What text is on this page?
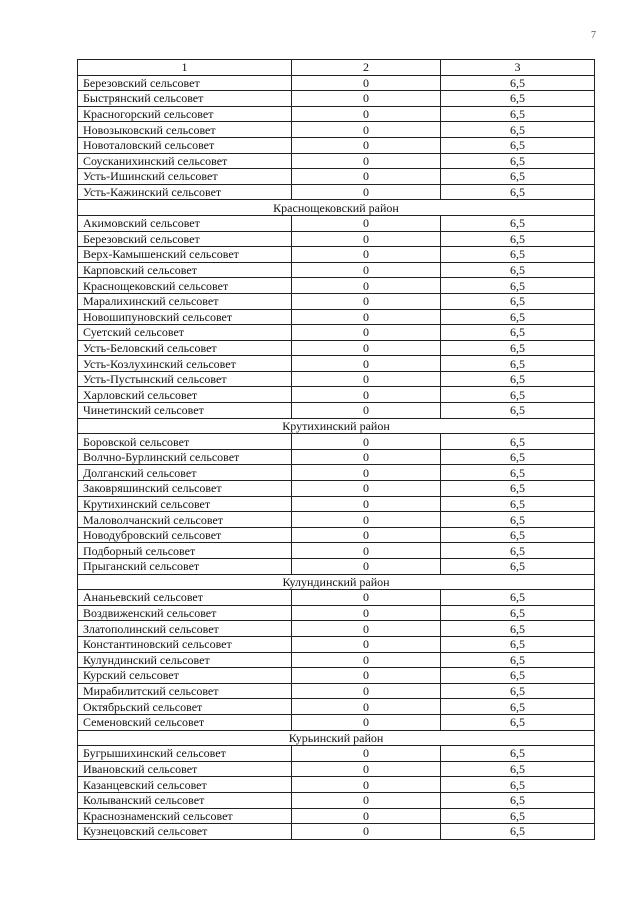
7
1	2	3
Березовский сельсовет	0	6,5
Быстрянский сельсовет	0	6,5
Красногорский сельсовет	0	6,5
Новозыковский сельсовет	0	6,5
Новоталовский сельсовет	0	6,5
Соусканихинский сельсовет	0	6,5
Усть-Ишинский сельсовет	0	6,5
Усть-Кажинский сельсовет	0	6,5
Краснощековский район		
Акимовский сельсовет	0	6,5
Березовский сельсовет	0	6,5
Верх-Камышенский сельсовет	0	6,5
Карповский сельсовет	0	6,5
Краснощековский сельсовет	0	6,5
Маралихинский сельсовет	0	6,5
Новошипуновский сельсовет	0	6,5
Суетский сельсовет	0	6,5
Усть-Беловский сельсовет	0	6,5
Усть-Козлухинский сельсовет	0	6,5
Усть-Пустынский сельсовет	0	6,5
Харловский сельсовет	0	6,5
Чинетинский сельсовет	0	6,5
Крутихинский район		
Боровской сельсовет	0	6,5
Волчно-Бурлинский сельсовет	0	6,5
Долганский сельсовет	0	6,5
Заковряшинский сельсовет	0	6,5
Крутихинский сельсовет	0	6,5
Маловолчанский сельсовет	0	6,5
Новодубровский сельсовет	0	6,5
Подборный сельсовет	0	6,5
Прыганский сельсовет	0	6,5
Кулундинский район		
Ананьевский сельсовет	0	6,5
Воздвиженский сельсовет	0	6,5
Златополинский сельсовет	0	6,5
Константиновский сельсовет	0	6,5
Кулундинский сельсовет	0	6,5
Курский сельсовет	0	6,5
Мирабилитский сельсовет	0	6,5
Октябрьский сельсовет	0	6,5
Семеновский сельсовет	0	6,5
Курьинский район		
Бугрышихинский сельсовет	0	6,5
Ивановский сельсовет	0	6,5
Казанцевский сельсовет	0	6,5
Колыванский сельсовет	0	6,5
Краснознаменский сельсовет	0	6,5
Кузнецовский сельсовет	0	6,5
